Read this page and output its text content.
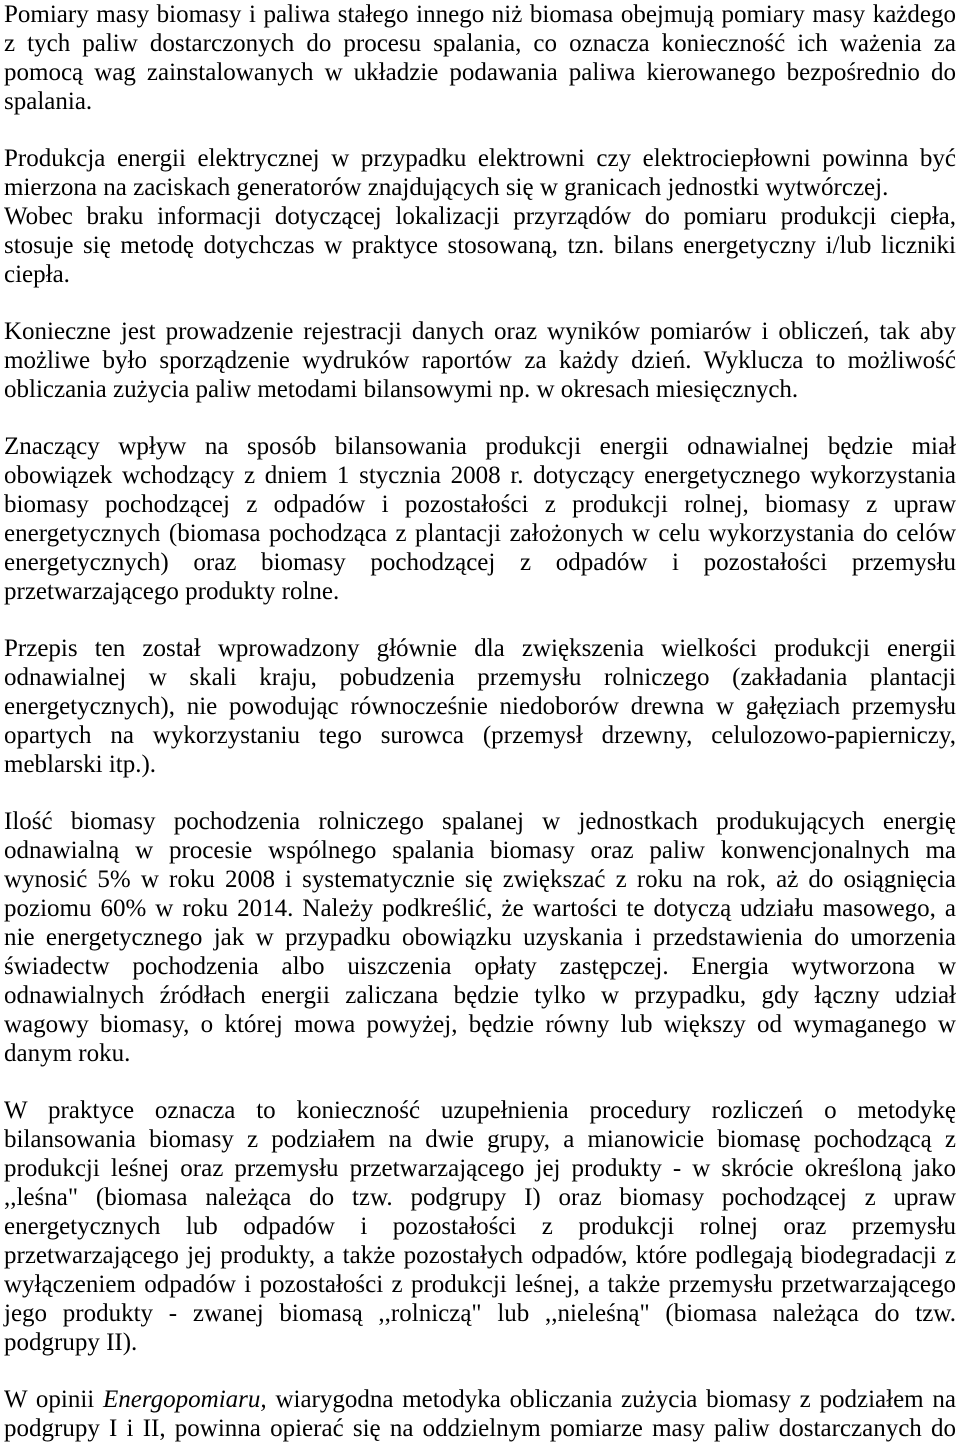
Pomiary masy biomasy i paliwa stałego innego niż biomasa obejmują pomiary masy każdego
z tych paliw dostarczonych do procesu spalania, co oznacza konieczność ich ważenia za
pomocą wag zainstalowanych w układzie podawania paliwa kierowanego bezpośrednio do
spalania.
Produkcja energii elektrycznej w przypadku elektrowni czy elektrociepłowni powinna być
mierzona na zaciskach generatorów znajdujących się w granicach jednostki wytwórczej.
Wobec braku informacji dotyczącej lokalizacji przyrządów do pomiaru produkcji ciepła,
stosuje się metodę dotychczas w praktyce stosowaną, tzn. bilans energetyczny i/lub liczniki
ciepła.
Konieczne jest prowadzenie rejestracji danych oraz wyników pomiarów i obliczeń, tak aby
możliwe było sporządzenie wydruków raportów za każdy dzień. Wyklucza to możliwość
obliczania zużycia paliw metodami bilansowymi np. w okresach miesięcznych.
Znaczący wpływ na sposób bilansowania produkcji energii odnawialnej będzie miał
obowiązek wchodzący z dniem 1 stycznia 2008 r. dotyczący energetycznego wykorzystania
biomasy pochodzącej z odpadów i pozostałości z produkcji rolnej, biomasy z upraw
energetycznych (biomasa pochodząca z plantacji założonych w celu wykorzystania do celów
energetycznych) oraz biomasy pochodzącej z odpadów i pozostałości przemysłu
przetwarzającego produkty rolne.
Przepis ten został wprowadzony głównie dla zwiększenia wielkości produkcji energii
odnawialnej w skali kraju, pobudzenia przemysłu rolniczego (zakładania plantacji
energetycznych), nie powodując równocześnie niedoborów drewna w gałęziach przemysłu
opartych na wykorzystaniu tego surowca (przemysł drzewny, celulozowo-papierniczy,
meblarski itp.).
Ilość biomasy pochodzenia rolniczego spalanej w jednostkach produkujących energię
odnawialną w procesie wspólnego spalania biomasy oraz paliw konwencjonalnych ma
wynosić 5% w roku 2008 i systematycznie się zwiększać z roku na rok, aż do osiągnięcia
poziomu 60% w roku 2014. Należy podkreślić, że wartości te dotyczą udziału masowego, a
nie energetycznego jak w przypadku obowiązku uzyskania i przedstawienia do umorzenia
świadectw pochodzenia albo uiszczenia opłaty zastępczej. Energia wytworzona w
odnawialnych źródłach energii zaliczana będzie tylko w przypadku, gdy łączny udział
wagowy biomasy, o której mowa powyżej, będzie równy lub większy od wymaganego w
danym roku.
W praktyce oznacza to konieczność uzupełnienia procedury rozliczeń o metodykę
bilansowania biomasy z podziałem na dwie grupy, a mianowicie biomasę pochodzącą z
produkcji leśnej oraz przemysłu przetwarzającego jej produkty - w skrócie określoną jako
,,leśna" (biomasa należąca do tzw. podgrupy I) oraz biomasy pochodzącej z upraw
energetycznych lub odpadów i pozostałości z produkcji rolnej oraz przemysłu
przetwarzającego jej produkty, a także pozostałych odpadów, które podlegają biodegradacji z
wyłączeniem odpadów i pozostałości z produkcji leśnej, a także przemysłu przetwarzającego
jego produkty - zwanej biomasą ,,rolniczą" lub ,,nieleśną" (biomasa należąca do tzw.
podgrupy II).
W opinii Energopomiaru, wiarygodna metodyka obliczania zużycia biomasy z podziałem na
podgrupy I i II, powinna opierać się na oddzielnym pomiarze masy paliw dostarczanych do
